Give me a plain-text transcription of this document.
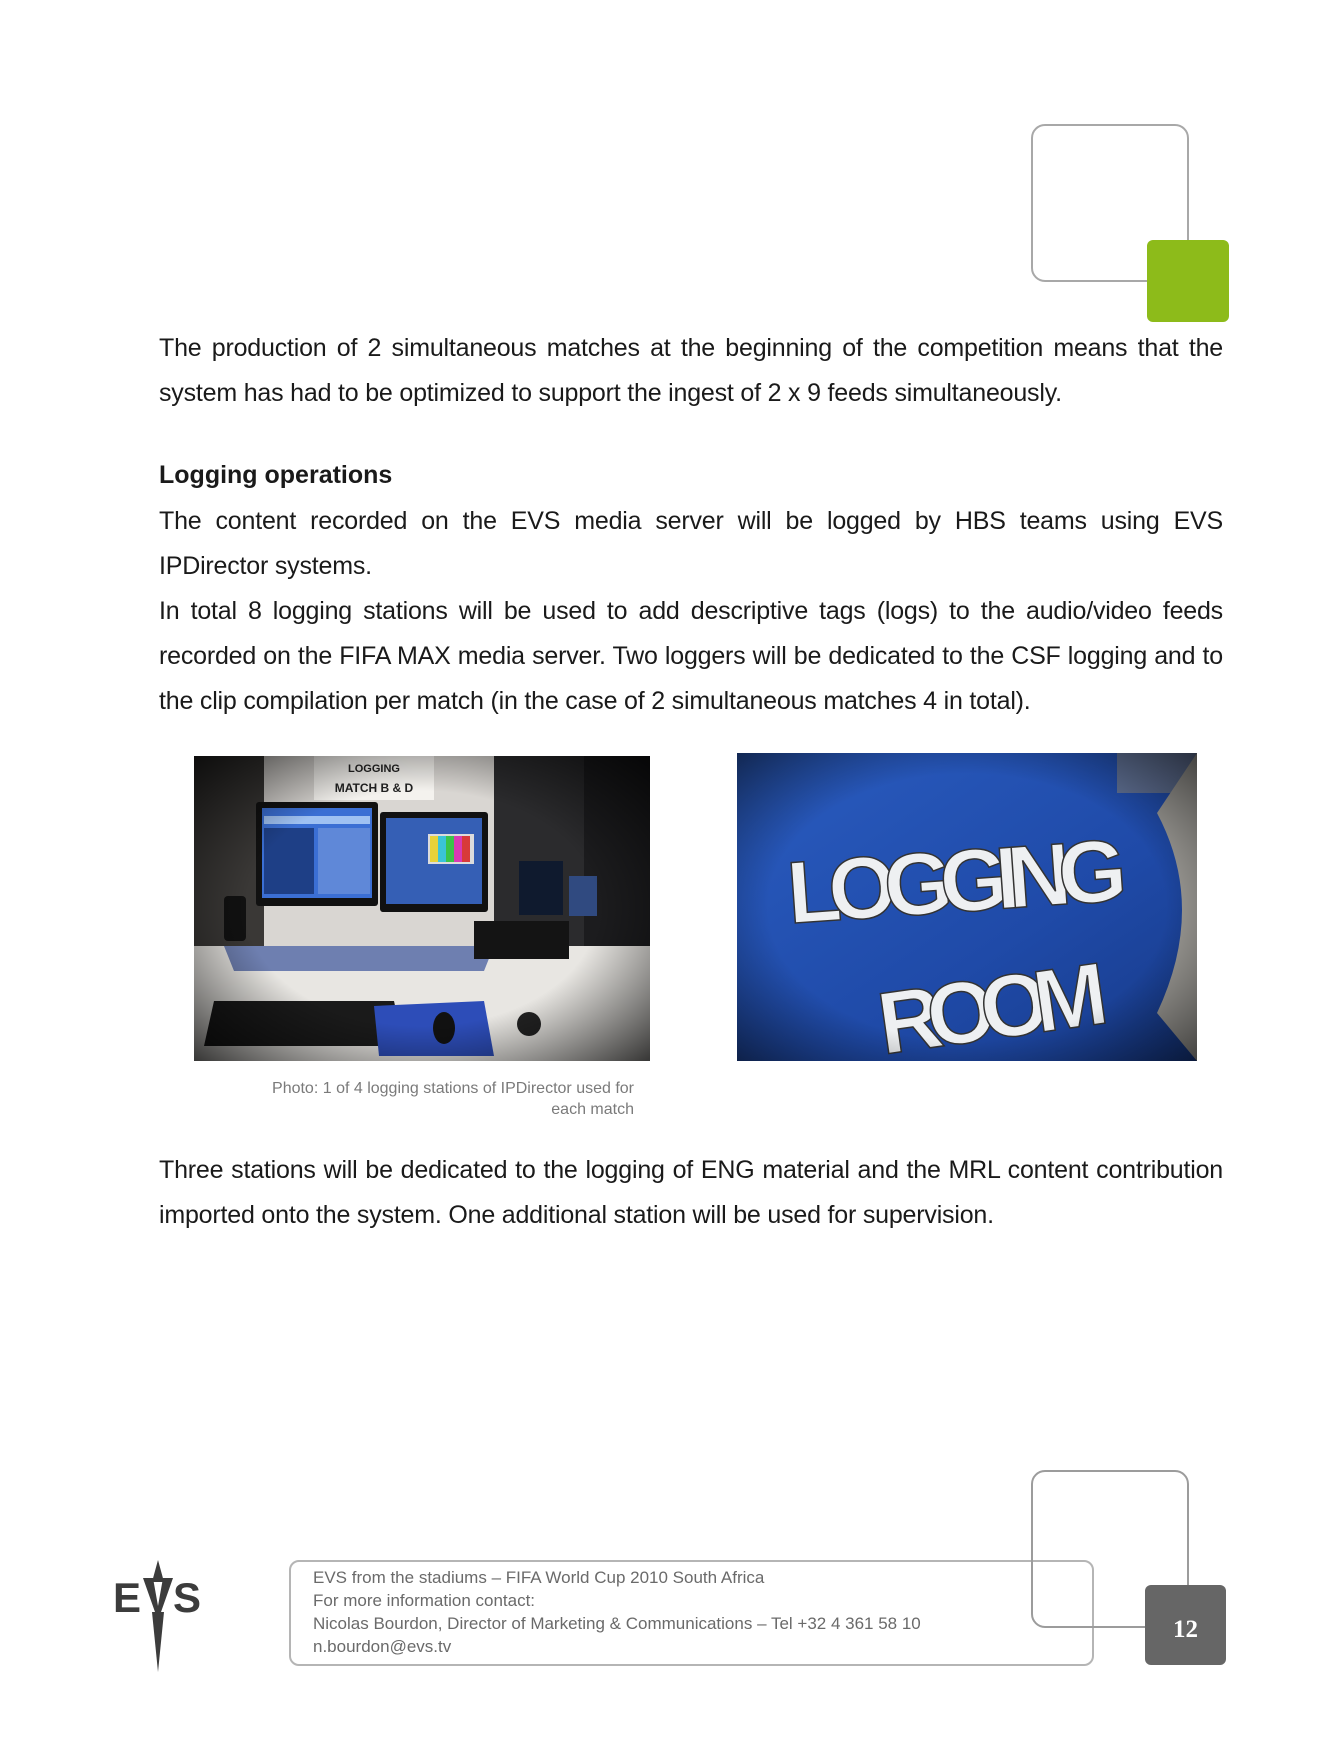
The production of 2 simultaneous matches at the beginning of the competition means that the system has had to be optimized to support the ingest of 2 x 9 feeds simultaneously.
Logging operations
The content recorded on the EVS media server will be logged by HBS teams using EVS IPDirector systems.
In total 8 logging stations will be used to add descriptive tags (logs) to the audio/video feeds recorded on the FIFA MAX media server. Two loggers will be dedicated to the CSF logging and to the clip compilation per match (in the case of 2 simultaneous matches 4 in total).
Photo: 1 of 4 logging stations of IPDirector used for
each match
Three stations will be dedicated to the logging of ENG material and the MRL content contribution imported onto the system. One additional station will be used for supervision.
E S	EVS from the stadiums – FIFA World Cup 2010 South Africa
For more information contact:
Nicolas Bourdon, Director of Marketing & Communications – Tel +32 4 361 58 10
n.bourdon@evs.tv
12
